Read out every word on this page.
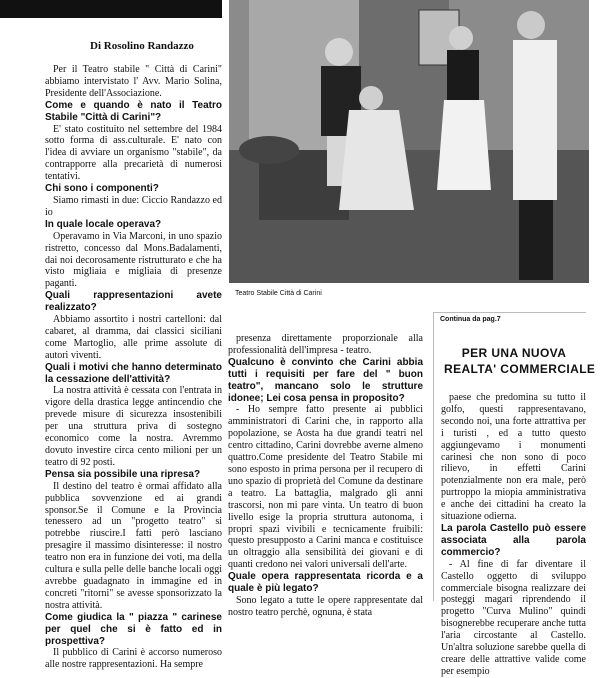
Di Rosolino Randazzo

Per il Teatro stabile " Città di Carini" abbiamo intervistato l' Avv. Mario Solina, Presidente dell'Associazione.

Come e quando è nato il Teatro Stabile "Città di Carini"?

E' stato costituito nel settembre del 1984 sotto forma di ass.culturale. E' nato con l'idea di avviare un organismo "stabile", da contrapporre alla precarietà di numerosi tentativi.

Chi sono i componenti?

Siamo rimasti in due: Ciccio Randazzo ed io

In quale locale operava?

Operavamo in Via Marconi, in uno spazio ristretto, concesso dal Mons.Badalamenti, dai noi decorosamente ristrutturato e che ha visto migliaia e migliaia di presenze paganti.

Quali rappresentazioni avete realizzato?

Abbiamo assortito i nostri cartelloni: dal cabaret, al dramma, dai classici siciliani come Martoglio, alle prime assolute di autori viventi.

Quali i motivi che hanno determinato la cessazione dell'attività?

La nostra attività è cessata con l'entrata in vigore della drastica legge antincendio che prevede misure di sicurezza insostenibili per una struttura priva di sostegno economico come la nostra. Avremmo dovuto investire circa cento milioni per un teatro di 92 posti.

Pensa sia possibile una ripresa?

Il destino del teatro è ormai affidato alla pubblica sovvenzione ed ai grandi sponsor.Se il Comune e la Provincia tenessero ad un "progetto teatro" si potrebbe riuscire.I fatti però lasciano presagire il massimo disinteresse: il nostro teatro non era in funzione dei voti, ma della cultura e sulla pelle delle banche locali oggi avrebbe guadagnato in immagine ed in concreti "ritorni" se avesse sponsorizzato la nostra attività.

Come giudica la " piazza " carinese per quel che si è fatto ed in prospettiva?

Il pubblico di Carini è accorso numeroso alle nostre rappresentazioni. Ha sempre

Teatro Stabile Città di Carini

presenza direttamente proporzionale alla professionalità dell'impresa - teatro.

Qualcuno è convinto che Carini abbia tutti i requisiti per fare del " buon teatro", mancano solo le strutture idonee; Lei cosa pensa in proposito?

- Ho sempre fatto presente ai pubblici amministratori di Carini che, in rapporto alla popolazione, se Aosta ha due grandi teatri nel centro cittadino, Carini dovrebbe averne almeno quattro.Come presidente del Teatro Stabile mi sono esposto in prima persona per il recupero di uno spazio di proprietà del Comune da destinare a teatro. La battaglia, malgrado gli anni trascorsi, non mi pare vinta. Un teatro di buon livello esige la propria struttura autonoma, i propri spazi vivibili e tecnicamente fruibili: questo presupposto a Carini manca e costituisce un oltraggio alla sensibilità dei giovani e di quanti credono nei valori universali dell'arte.

Quale opera rappresentata ricorda e a quale è più legato?

Sono legato a tutte le opere rappresentate dal nostro teatro perchè, ognuna, è stata

Continua da pag.7
PER UNA NUOVA
REALTA' COMMERCIALE

paese che predomina su tutto il golfo, questi rappresentavano, secondo noi, una forte attrattiva per i turisti , ed a tutto questo aggiungevamo i monumenti carinesi che non sono di poco rilievo, in effetti Carini potenzialmente non era male, però purtroppo la miopia amministrativa e anche dei cittadini ha creato la situazione odierna.

La parola Castello può essere associata alla parola commercio?

- Al fine di far diventare il Castello oggetto di sviluppo commerciale bisogna realizzare dei posteggi magari riprendendo il progetto "Curva Mulino" quindi bisognerebbe recuperare anche tutta l'aria circostante al Castello. Un'altra soluzione sarebbe quella di creare delle attrattive valide come per esempio
